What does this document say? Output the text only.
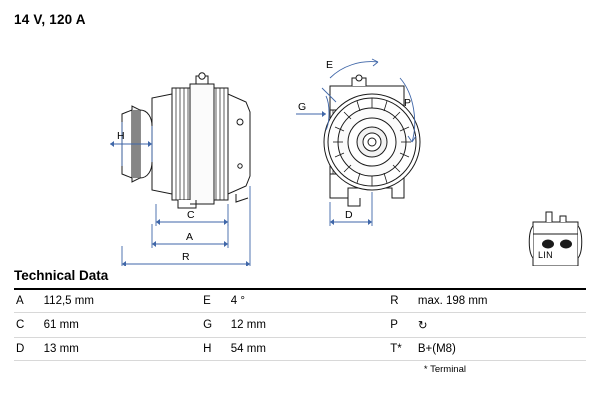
14 V, 120 A
H
C
A
R
E
G	P
D
LIN
Technical Data
A	112,5 mm	E	4 °	R	max. 198 mm
C	61 mm	G	12 mm	P	↻
D	13 mm	H	54 mm	T*	B+(M8)
* Terminal
